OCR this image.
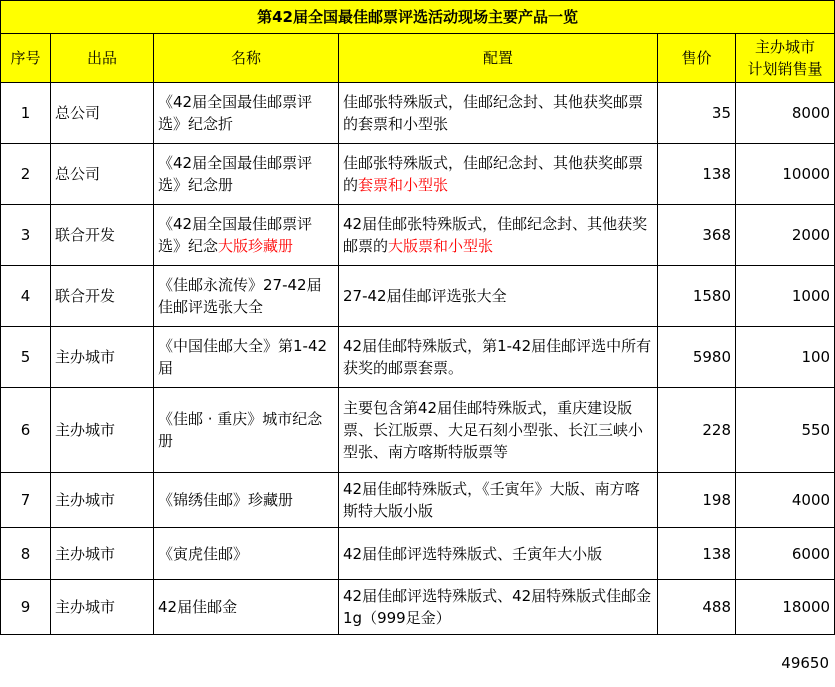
第42届全国最佳邮票评选活动现场主要产品一览					
序号	出品	名称	配置	售价	主办城市
计划销售量

1	总公司	《42届全国最佳邮票评选》纪念折	佳邮张特殊版式，佳邮纪念封、其他获奖邮票的套票和小型张	35	8000
2	总公司	《42届全国最佳邮票评选》纪念册	佳邮张特殊版式，佳邮纪念封、其他获奖邮票的套票和小型张	138	10000
3	联合开发	《42届全国最佳邮票评选》纪念大版珍藏册	42届佳邮张特殊版式，佳邮纪念封、其他获奖邮票的大版票和小型张	368	2000
4	联合开发	《佳邮永流传》27-42届佳邮评选张大全	27-42届佳邮评选张大全	1580	1000
5	主办城市	《中国佳邮大全》第1-42届	42届佳邮特殊版式，第1-42届佳邮评选中所有获奖的邮票套票。	5980	100
6	主办城市	《佳邮 · 重庆》城市纪念册	主要包含第42届佳邮特殊版式，重庆建设版票、长江版票、大足石刻小型张、长江三峡小型张、南方喀斯特版票等	228	550
7	主办城市	《锦绣佳邮》珍藏册	42届佳邮特殊版式，《壬寅年》大版、南方喀斯特大版小版	198	4000
8	主办城市	《寅虎佳邮》	42届佳邮评选特殊版式、壬寅年大小版	138	6000
9	主办城市	42届佳邮金	42届佳邮评选特殊版式、42届特殊版式佳邮金1g（999足金）	488	18000
49650
